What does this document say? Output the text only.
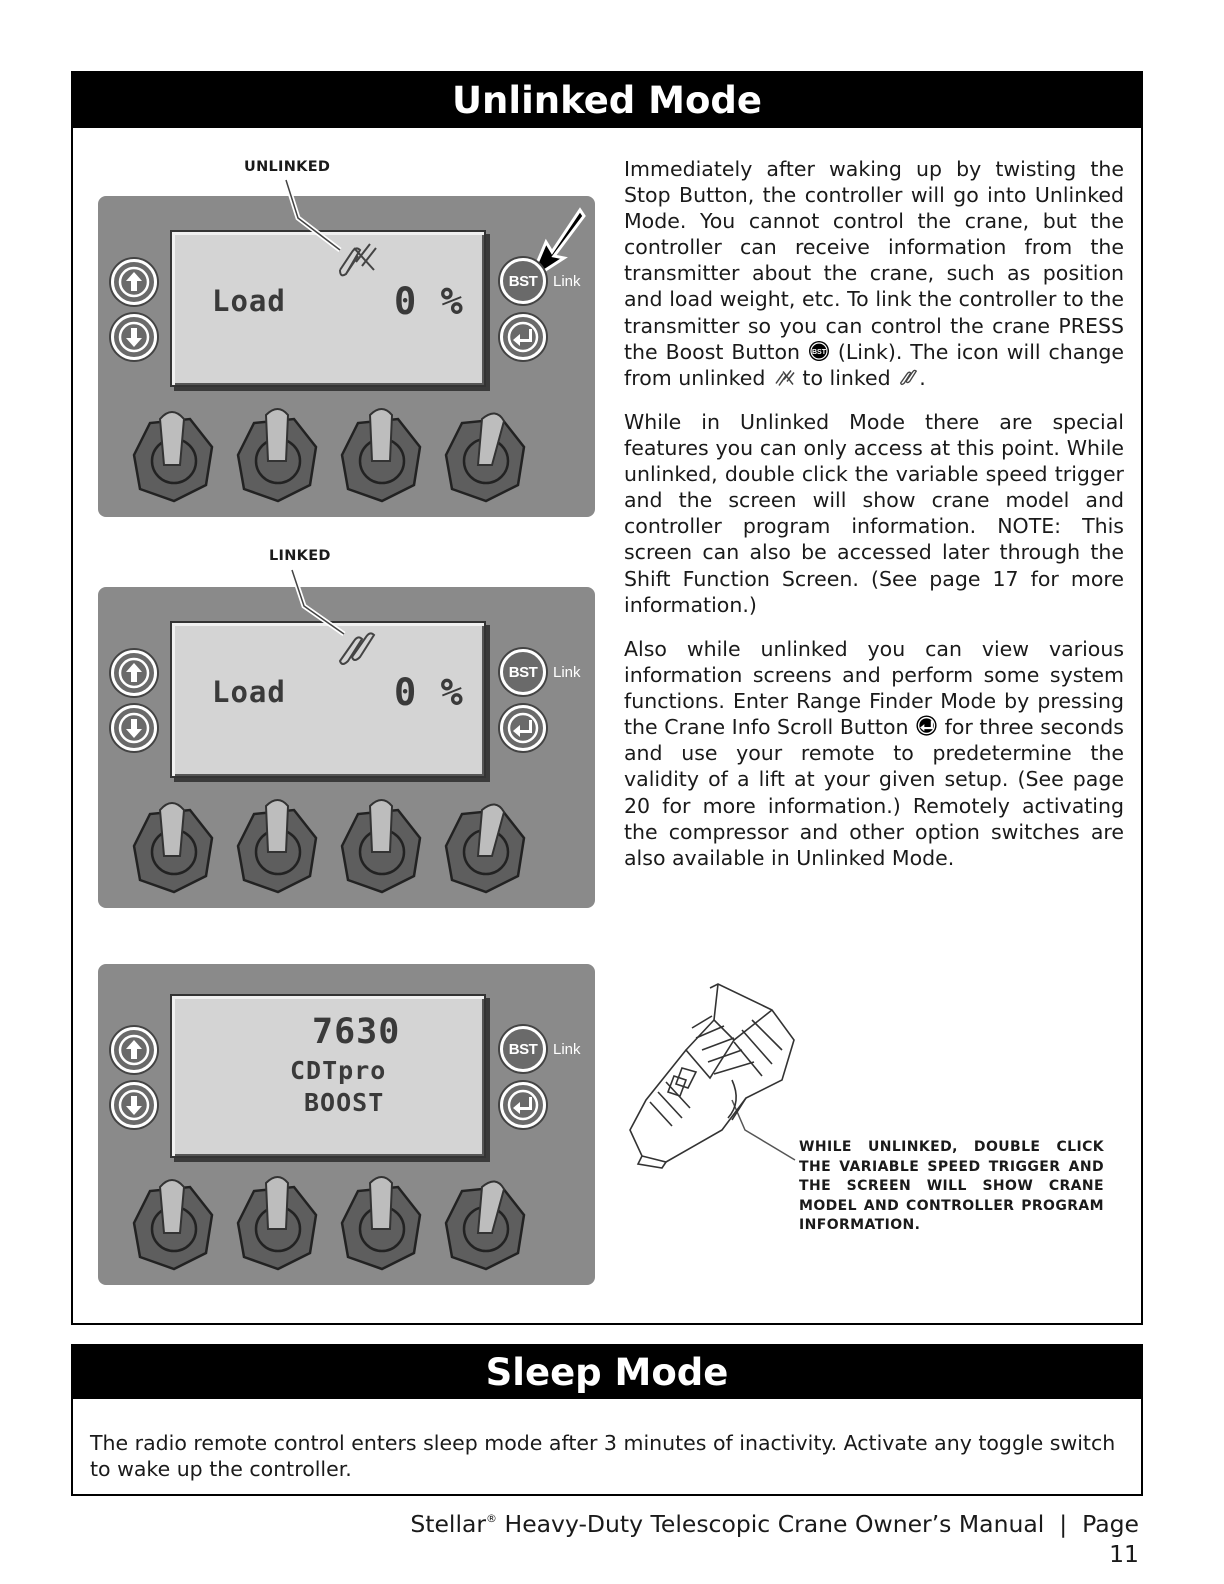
Unlinked Mode
UNLINKED
LINKED
Load	0 %	BST	Link
Load	0 %	BST	Link
7630
CDTpro
BOOST
BST	Link
Immediately after waking up by twisting the Stop Button, the controller will go into Unlinked Mode. You cannot control the crane, but the controller can receive information from the transmitter about the crane, such as position and load weight, etc. To link the controller to the transmitter so you can control the crane PRESS the Boost Button BST (Link). The icon will change from unlinked to linked .
While in Unlinked Mode there are special features you can only access at this point. While unlinked, double click the variable speed trigger and the screen will show crane model and controller program information. NOTE: This screen can also be accessed later through the Shift Function Screen. (See page 17 for more information.)
Also while unlinked you can view various information screens and perform some system functions. Enter Range Finder Mode by pressing the Crane Info Scroll Button for three seconds and use your remote to predetermine the validity of a lift at your given setup. (See page 20 for more information.) Remotely activating the compressor and other option switches are also available in Unlinked Mode.
WHILE UNLINKED, DOUBLE CLICK THE VARIABLE SPEED TRIGGER AND THE SCREEN WILL SHOW CRANE MODEL AND CONTROLLER PROGRAM INFORMATION.
Sleep Mode
The radio remote control enters sleep mode after 3 minutes of inactivity. Activate any toggle switch to wake up the controller.
Stellar® Heavy-Duty Telescopic Crane Owner’s Manual  |  Page 11
